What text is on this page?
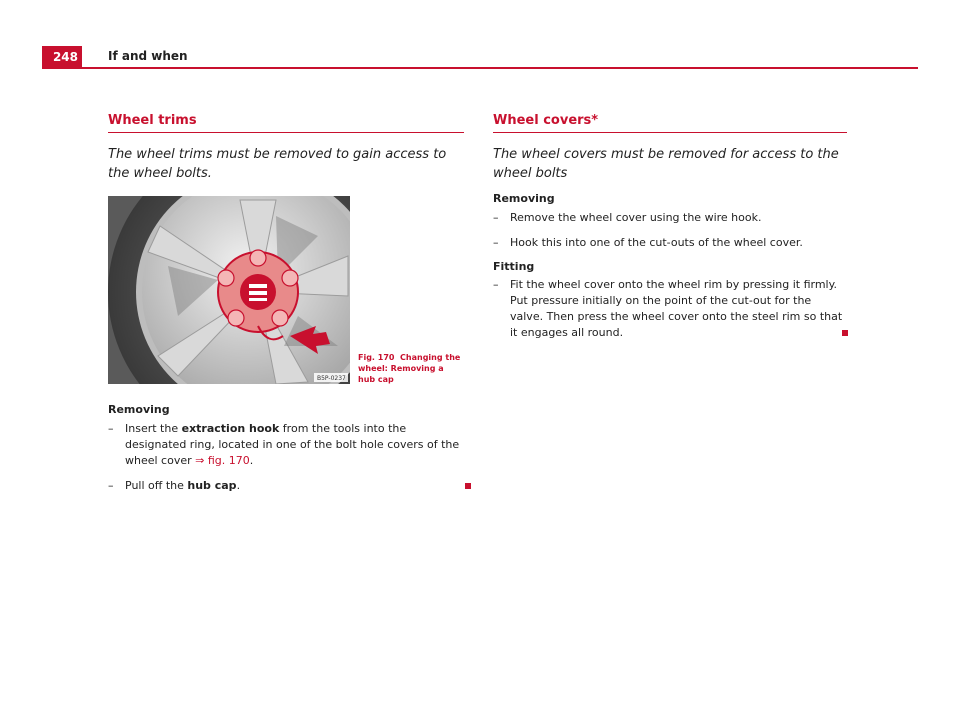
248	If and when
Wheel trims

The wheel trims must be removed to gain access to the wheel bolts.

B5P-0237
Fig. 170 Changing the wheel: Removing a hub cap

Removing

– Insert the extraction hook from the tools into the designated ring, located in one of the bolt hole covers of the wheel cover ⇒ fig. 170.
– Pull off the hub cap.
Wheel covers*

The wheel covers must be removed for access to the wheel bolts

Removing

– Remove the wheel cover using the wire hook.
– Hook this into one of the cut-outs of the wheel cover.

Fitting

– Fit the wheel cover onto the wheel rim by pressing it firmly. Put pressure initially on the point of the cut-out for the valve. Then press the wheel cover onto the steel rim so that it engages all round.
